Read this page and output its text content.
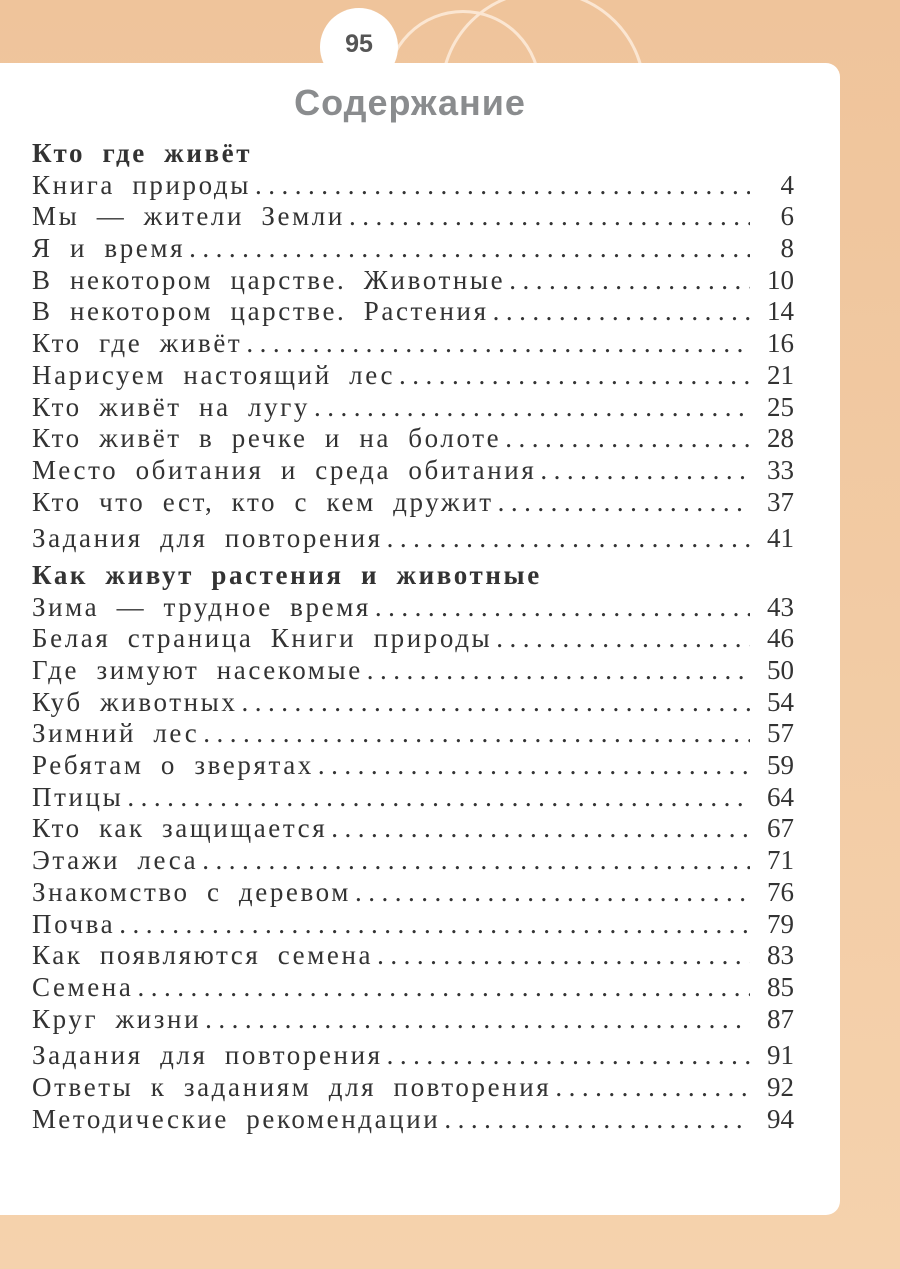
95
Содержание
Кто где живёт
Книга природы .....	4
Мы — жители Земли .....	6
Я и время .....	8
В некотором царстве. Животные .....	10
В некотором царстве. Растения .....	14
Кто где живёт .....	16
Нарисуем настоящий лес .....	21
Кто живёт на лугу .....	25
Кто живёт в речке и на болоте .....	28
Место обитания и среда обитания .....	33
Кто что ест, кто с кем дружит .....	37
Задания для повторения .....	41
Как живут растения и животные
Зима — трудное время .....	43
Белая страница Книги природы .....	46
Где зимуют насекомые .....	50
Куб животных .....	54
Зимний лес .....	57
Ребятам о зверятах .....	59
Птицы .....	64
Кто как защищается .....	67
Этажи леса .....	71
Знакомство с деревом .....	76
Почва .....	79
Как появляются семена .....	83
Семена .....	85
Круг жизни .....	87
Задания для повторения .....	91
Ответы к заданиям для повторения .....	92
Методические рекомендации .....	94
